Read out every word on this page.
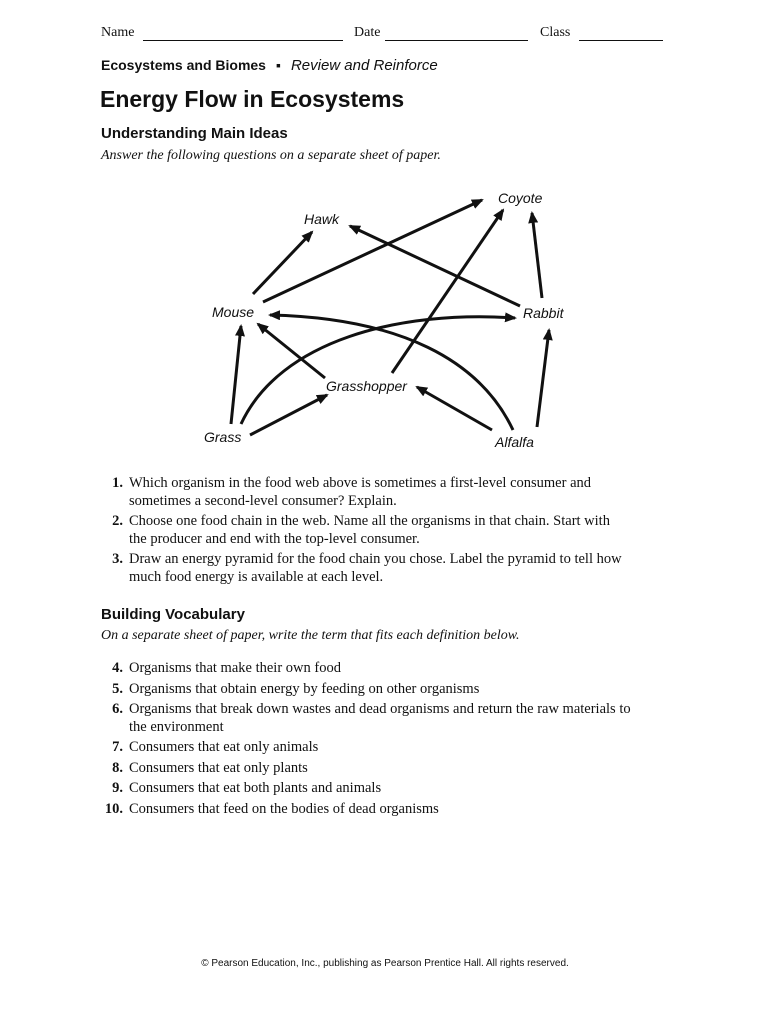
Name	Date	Class
Ecosystems and Biomes ▪ Review and Reinforce
Energy Flow in Ecosystems
Understanding Main Ideas

Answer the following questions on a separate sheet of paper.

Coyote
Hawk
Mouse	Rabbit
Grasshopper
Grass	Alfalfa
1. Which organism in the food web above is sometimes a first-level consumer and sometimes a second-level consumer? Explain.
2. Choose one food chain in the web. Name all the organisms in that chain. Start with the producer and end with the top-level consumer.
3. Draw an energy pyramid for the food chain you chose. Label the pyramid to tell how much food energy is available at each level.
Building Vocabulary

On a separate sheet of paper, write the term that fits each definition below.

4. Organisms that make their own food
5. Organisms that obtain energy by feeding on other organisms
6. Organisms that break down wastes and dead organisms and return the raw materials to the environment
7. Consumers that eat only animals
8. Consumers that eat only plants
9. Consumers that eat both plants and animals
10. Consumers that feed on the bodies of dead organisms
© Pearson Education, Inc., publishing as Pearson Prentice Hall. All rights reserved.
